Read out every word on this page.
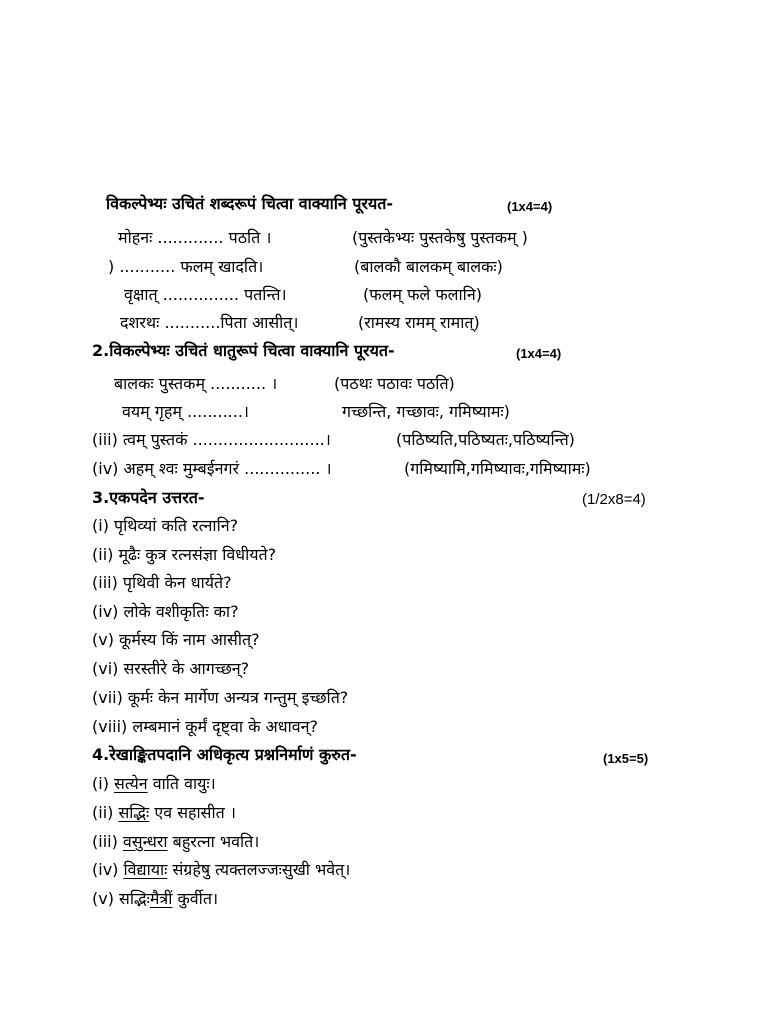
विकल्पेभ्यः उचितं शब्दरूपं चित्वा वाक्यानि पूरयत-	(1x4=4)
मोहनः ............. पठति ।	(पुस्तकेभ्यः पुस्तकेषु पुस्तकम् )
) ........... फलम् खादति।	(बालकौ बालकम् बालकः)
वृक्षात् ............... पतन्ति।	(फलम् फले फलानि)
दशरथः ...........पिता आसीत्।	(रामस्य रामम् रामात्)
2.विकल्पेभ्यः उचितं धातुरूपं चित्वा वाक्यानि पूरयत-	(1x4=4)
बालकः पुस्तकम् ........... ।	(पठथः पठावः पठति)
वयम् गृहम् ...........।	गच्छन्ति, गच्छावः, गमिष्यामः)
(iii) त्वम् पुस्तकं ..........................।	(पठिष्यति,पठिष्यतः,पठिष्यन्ति)
(iv) अहम् श्वः मुम्बईनगरं ............... ।	(गमिष्यामि,गमिष्यावः,गमिष्यामः)
3.एकपदेन उत्तरत-	(1/2x8=4)
(i) पृथिव्यां कति रत्नानि?
(ii) मूढैः कुत्र रत्नसंज्ञा विधीयते?
(iii) पृथिवी केन धार्यते?
(iv) लोके वशीकृतिः का?
(v) कूर्मस्य किं नाम आसीत्?
(vi) सरस्तीरे के आगच्छन्?
(vii) कूर्मः केन मार्गेण अन्यत्र गन्तुम् इच्छति?
(viii) लम्बमानं कूर्मं दृष्ट्वा के अधावन्?
4.रेखाङ्कितपदानि अधिकृत्य प्रश्ननिर्माणं कुरुत-	(1x5=5)
(i) सत्येन वाति वायुः।
(ii) सद्भिः एव सहासीत ।
(iii) वसुन्धरा बहुरत्ना भवति।
(iv) विद्यायाः संग्रहेषु त्यक्तलज्जःसुखी भवेत्।
(v) सद्भिःमैत्रीं कुर्वीत।
